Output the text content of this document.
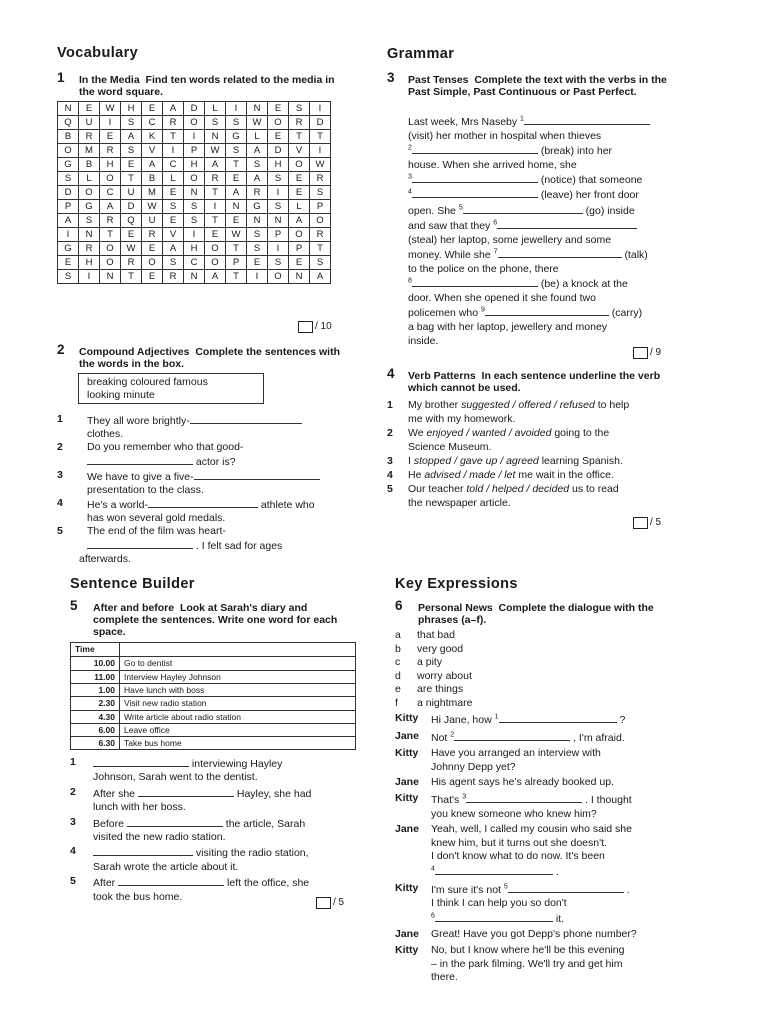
Vocabulary
1 In the Media Find ten words related to the media in the word square.
N	E	W	H	E	A	D	L	I	N	E	S	I
Q	U	I	S	C	R	O	S	S	W	O	R	D
B	R	E	A	K	T	I	N	G	L	E	T	T
O	M	R	S	V	I	P	W	S	A	D	V	I
G	B	H	E	A	C	H	A	T	S	H	O	W
S	L	O	T	B	L	O	R	E	A	S	E	R
D	O	C	U	M	E	N	T	A	R	I	E	S
P	G	A	D	W	S	S	I	N	G	S	L	P
A	S	R	Q	U	E	S	T	E	N	N	A	O
I	N	T	E	R	V	I	E	W	S	P	O	R
G	R	O	W	E	A	H	O	T	S	I	P	T
E	H	O	R	O	S	C	O	P	E	S	E	S
S	I	N	T	E	R	N	A	T	I	O	N	A
/ 10
2 Compound Adjectives Complete the sentences with the words in the box.
breaking coloured famous
looking minute
1	They all wore brightly-
clothes.
2	Do you remember who that good-
actor is?
3	We have to give a five-
presentation to the class.
4	He's a world-	athlete who
has won several gold medals.
5	The end of the film was heart-
. I felt sad for ages
afterwards.
Grammar
3 Past Tenses Complete the text with the verbs in the Past Simple, Past Continuous or Past Perfect.
Last week, Mrs Naseby $^1$
(visit) her mother in hospital when thieves
$^2$	(break) into her
house. When she arrived home, she
$^3$	(notice) that someone
$^4$	(leave) her front door
open. She $^5$	(go) inside
and saw that they $^6$
(steal) her laptop, some jewellery and some
money. While she $^7$	(talk)
to the police on the phone, there
$^8$	(be) a knock at the
door. When she opened it she found two
policemen who $^9$	(carry)
a bag with her laptop, jewellery and money
inside.
/ 9
4 Verb Patterns In each sentence underline the verb which cannot be used.
1	My brother suggested / offered / refused to help
me with my homework.
2	We enjoyed / wanted / avoided going to the
Science Museum.
3	I stopped / gave up / agreed learning Spanish.
4	He advised / made / let me wait in the office.
5	Our teacher told / helped / decided us to read
the newspaper article.
/ 5
Sentence Builder
5 After and before Look at Sarah's diary and complete the sentences. Write one word for each space.
Time	
10.00	Go to dentist
11.00	Interview Hayley Johnson
1.00	Have lunch with boss
2.30	Visit new radio station
4.30	Write article about radio station
6.00	Leave office
6.30	Take bus home
1	interviewing Hayley
Johnson, Sarah went to the dentist.
2	After she	Hayley, she had
lunch with her boss.
3	Before	the article, Sarah
visited the new radio station.
4	visiting the radio station,
Sarah wrote the article about it.
5	After	left the office, she
took the bus home.	/ 5
Key Expressions
6 Personal News Complete the dialogue with the phrases (a–f).
a	that bad
b	very good
c	a pity
d	worry about
e	are things
f	a nightmare
Kitty	Hi Jane, how $^1$	?
Jane	Not $^2$	, I'm afraid.
Kitty	Have you arranged an interview with
Johnny Depp yet?
Jane	His agent says he's already booked up.
Kitty	That's $^3$	. I thought
you knew someone who knew him?
Jane	Yeah, well, I called my cousin who said she
knew him, but it turns out she doesn't.
I don't know what to do now. It's been
$^4$	.
Kitty	I'm sure it's not $^5$	.
I think I can help you so don't
$^6$	it.
Jane	Great! Have you got Depp's phone number?
Kitty	No, but I know where he'll be this evening
– in the park filming. We'll try and get him
there.
